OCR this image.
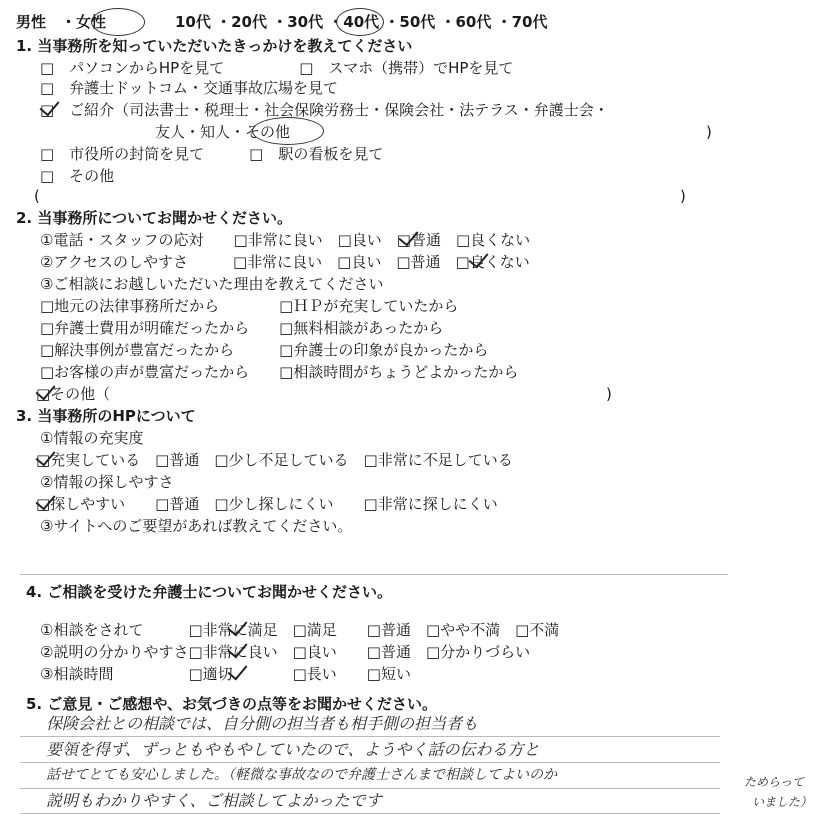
男性　・女性	10代 ・20代 ・30代 ・40代 ・50代 ・60代 ・70代
1. 当事務所を知っていただいたきっかけを教えてください
□　パソコンからHPを見て　　　　　□　スマホ（携帯）でHPを見て
□　弁護士ドットコム・交通事故広場を見て
□　ご紹介（司法書士・税理士・社会保険労務士・保険会社・法テラス・弁護士会・
友人・知人・その他	)
□　市役所の封筒を見て　　　□　駅の看板を見て
□　その他
(	)
2. 当事務所についてお聞かせください。
①電話・スタッフの応対　　□非常に良い　□良い　□普通　□良くない
②アクセスのしやすさ　　　□非常に良い　□良い　□普通　□良くない
③ご相談にお越しいただいた理由を教えてください
□地元の法律事務所だから　　　　□ＨＰが充実していたから
□弁護士費用が明確だったから　　□無料相談があったから
□解決事例が豊富だったから　　　□弁護士の印象が良かったから
□お客様の声が豊富だったから　　□相談時間がちょうどよかったから
□その他（	)
3. 当事務所のHPについて
①情報の充実度
□充実している　□普通　□少し不足している　□非常に不足している
②情報の探しやすさ
□探しやすい　　□普通　□少し探しにくい　　□非常に探しにくい
③サイトへのご要望があれば教えてください。
4. ご相談を受けた弁護士についてお聞かせください。
①相談をされて　　　□非常に満足　□満足　　□普通　□やや不満　□不満
②説明の分かりやすさ□非常に良い　□良い　　□普通　□分かりづらい
③相談時間　　　　　□適切　　　　□長い　　□短い
5. ご意見・ご感想や、お気づきの点等をお聞かせください。
保険会社との相談では、自分側の担当者も相手側の担当者も
要領を得ず、ずっともやもやしていたので、ようやく話の伝わる方と
話せてとても安心しました。（軽微な事故なので弁護士さんまで相談してよいのか	ためらって
いました）
説明もわかりやすく、ご相談してよかったです
